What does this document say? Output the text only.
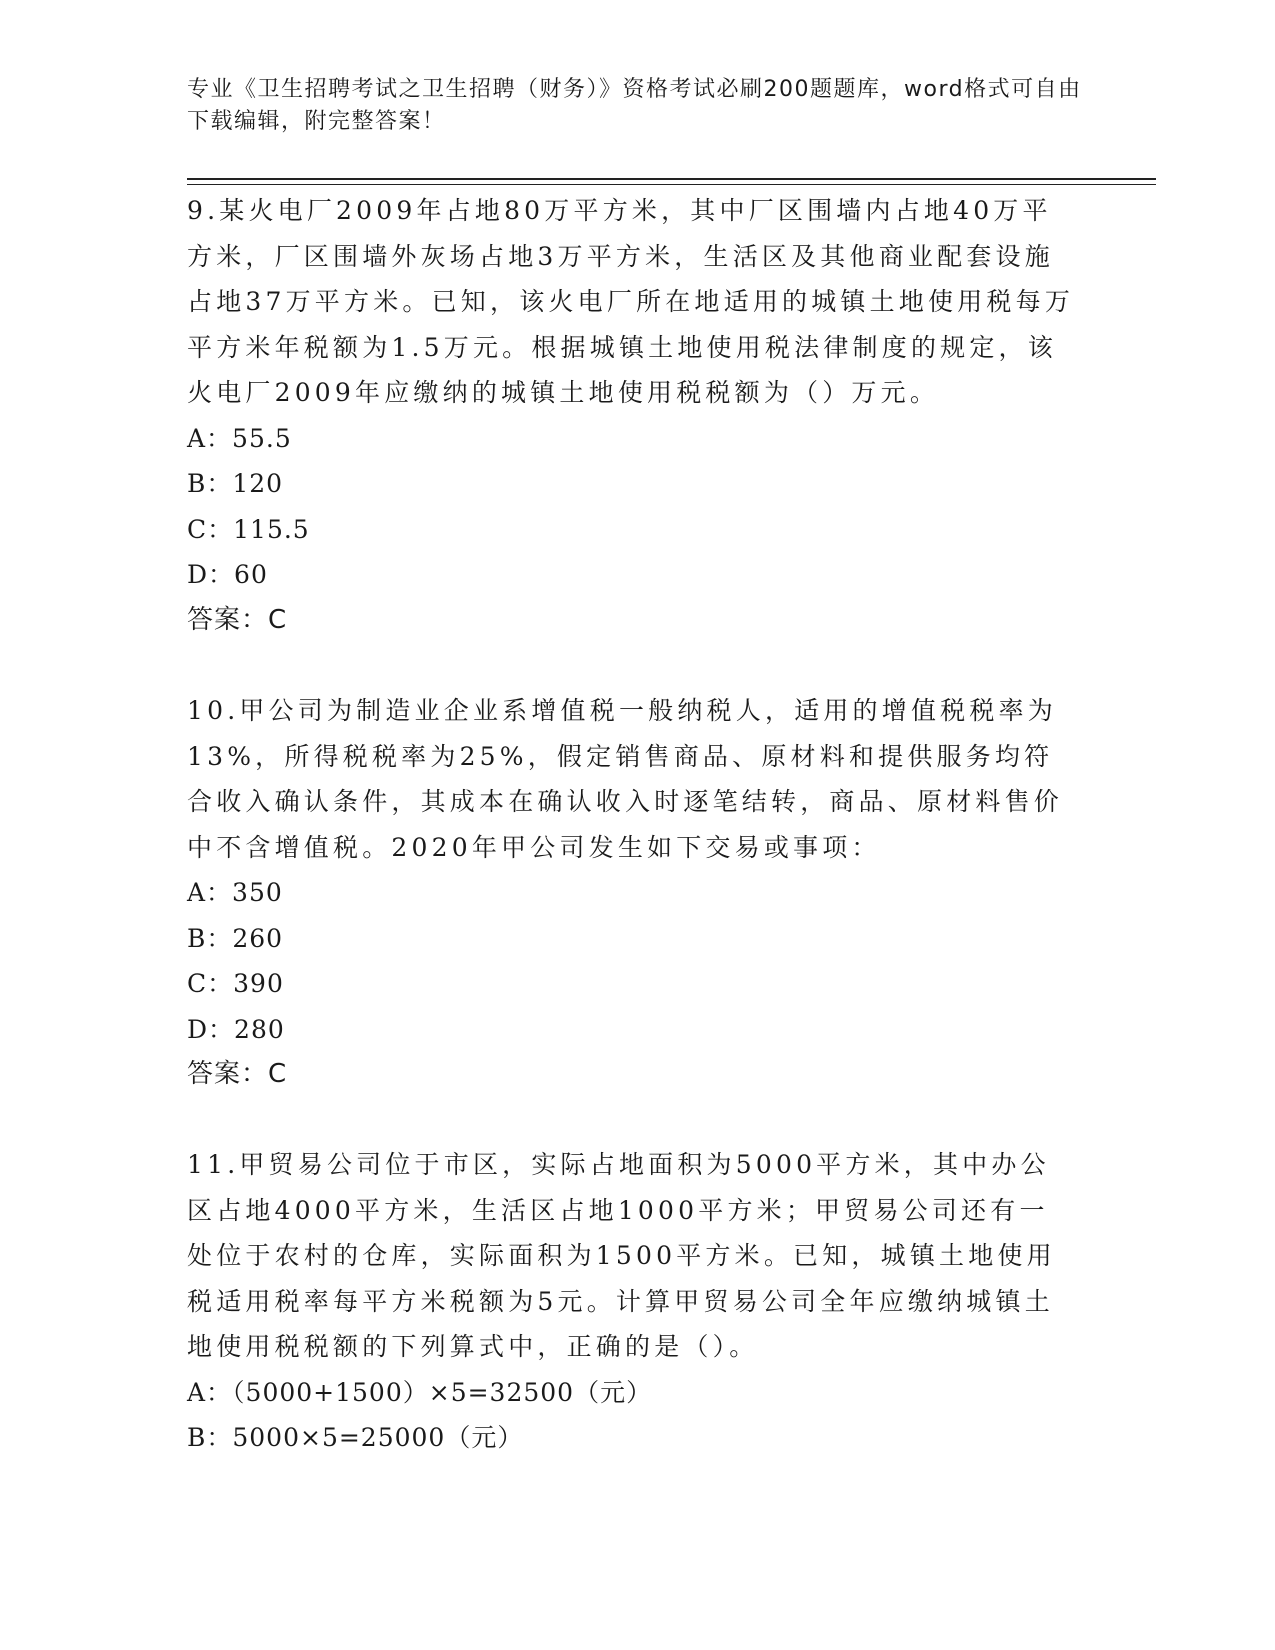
专业《卫生招聘考试之卫生招聘（财务）》资格考试必刷200题题库，word格式可自由下载编辑，附完整答案！

9.某火电厂2009年占地80万平方米，其中厂区围墙内占地40万平方米，厂区围墙外灰场占地3万平方米，生活区及其他商业配套设施占地37万平方米。已知，该火电厂所在地适用的城镇土地使用税每万平方米年税额为1.5万元。根据城镇土地使用税法律制度的规定，该火电厂2009年应缴纳的城镇土地使用税税额为（）万元。

A：55.5

B：120

C：115.5

D：60

答案：C

10.甲公司为制造业企业系增值税一般纳税人，适用的增值税税率为13%，所得税税率为25%，假定销售商品、原材料和提供服务均符合收入确认条件，其成本在确认收入时逐笔结转，商品、原材料售价中不含增值税。2020年甲公司发生如下交易或事项：

A：350

B：260

C：390

D：280

答案：C

11.甲贸易公司位于市区，实际占地面积为5000平方米，其中办公区占地4000平方米，生活区占地1000平方米；甲贸易公司还有一处位于农村的仓库，实际面积为1500平方米。已知，城镇土地使用税适用税率每平方米税额为5元。计算甲贸易公司全年应缴纳城镇土地使用税税额的下列算式中，正确的是（）。

A：（5000+1500）×5=32500（元）

B：5000×5=25000（元）
